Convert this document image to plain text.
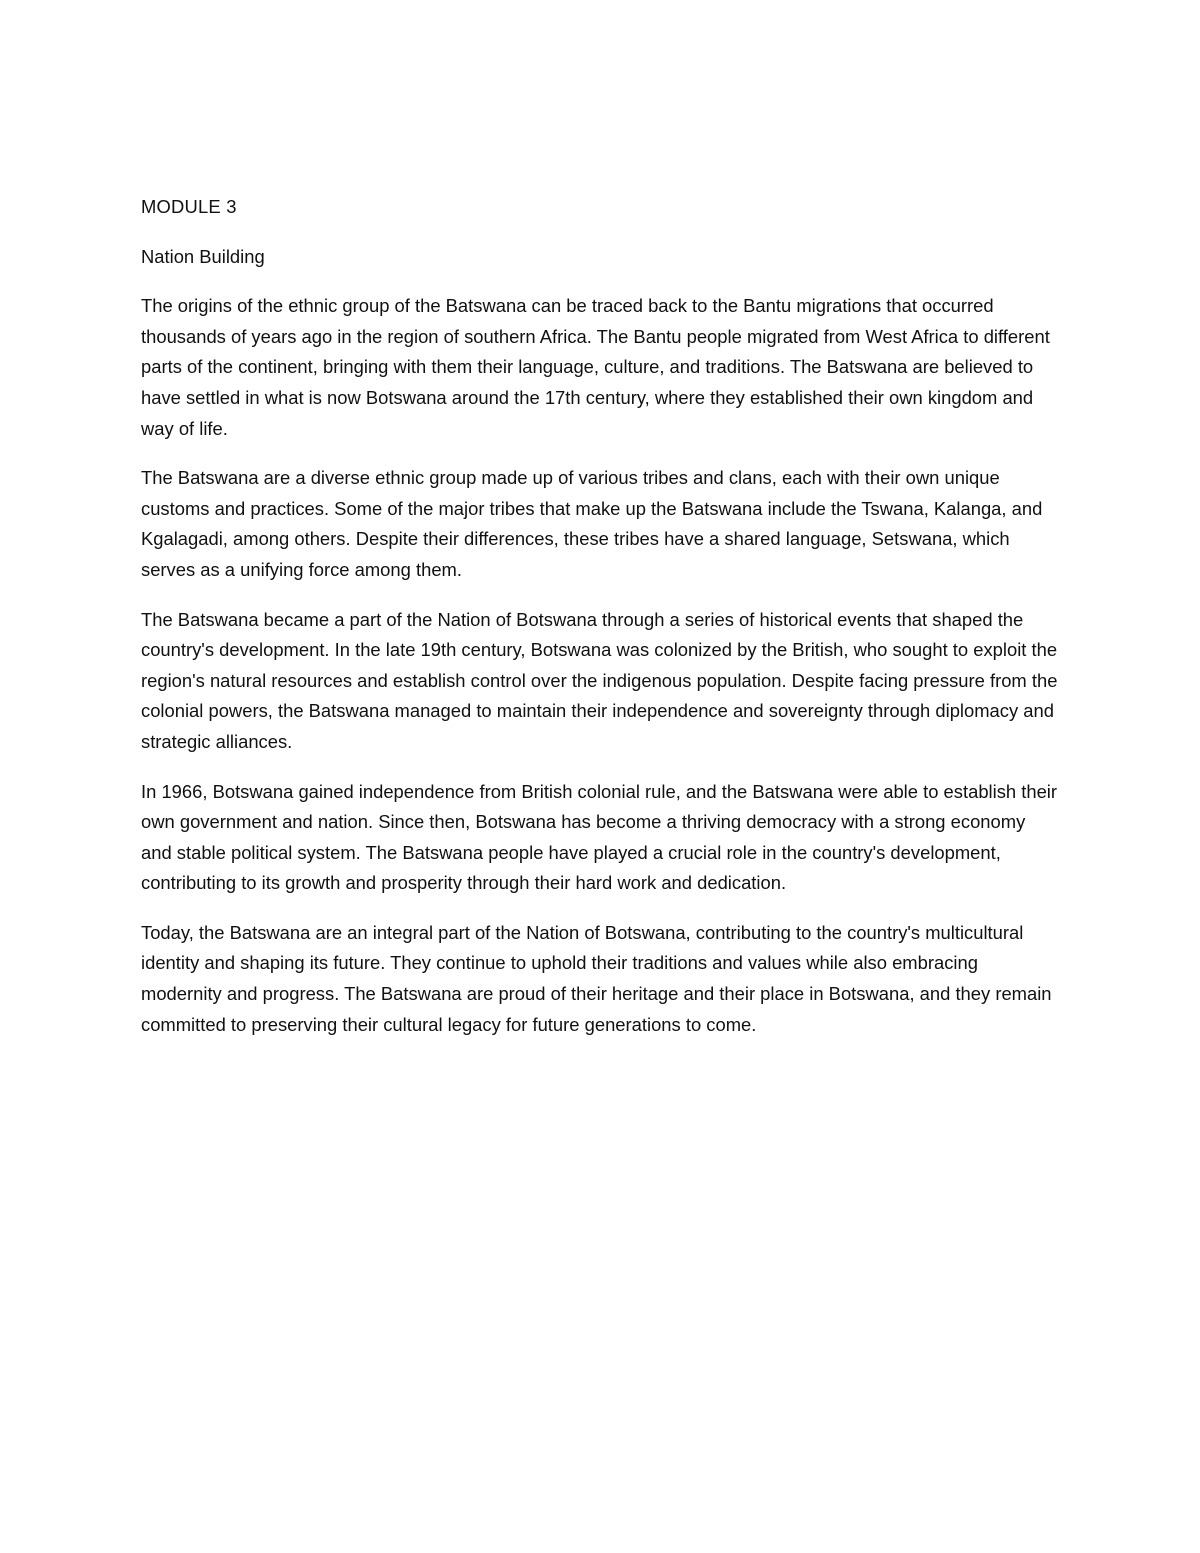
MODULE 3

Nation Building

The origins of the ethnic group of the Batswana can be traced back to the Bantu migrations that occurred thousands of years ago in the region of southern Africa. The Bantu people migrated from West Africa to different parts of the continent, bringing with them their language, culture, and traditions. The Batswana are believed to have settled in what is now Botswana around the 17th century, where they established their own kingdom and way of life.

The Batswana are a diverse ethnic group made up of various tribes and clans, each with their own unique customs and practices. Some of the major tribes that make up the Batswana include the Tswana, Kalanga, and Kgalagadi, among others. Despite their differences, these tribes have a shared language, Setswana, which serves as a unifying force among them.

The Batswana became a part of the Nation of Botswana through a series of historical events that shaped the country's development. In the late 19th century, Botswana was colonized by the British, who sought to exploit the region's natural resources and establish control over the indigenous population. Despite facing pressure from the colonial powers, the Batswana managed to maintain their independence and sovereignty through diplomacy and strategic alliances.

In 1966, Botswana gained independence from British colonial rule, and the Batswana were able to establish their own government and nation. Since then, Botswana has become a thriving democracy with a strong economy and stable political system. The Batswana people have played a crucial role in the country's development, contributing to its growth and prosperity through their hard work and dedication.

Today, the Batswana are an integral part of the Nation of Botswana, contributing to the country's multicultural identity and shaping its future. They continue to uphold their traditions and values while also embracing modernity and progress. The Batswana are proud of their heritage and their place in Botswana, and they remain committed to preserving their cultural legacy for future generations to come.
